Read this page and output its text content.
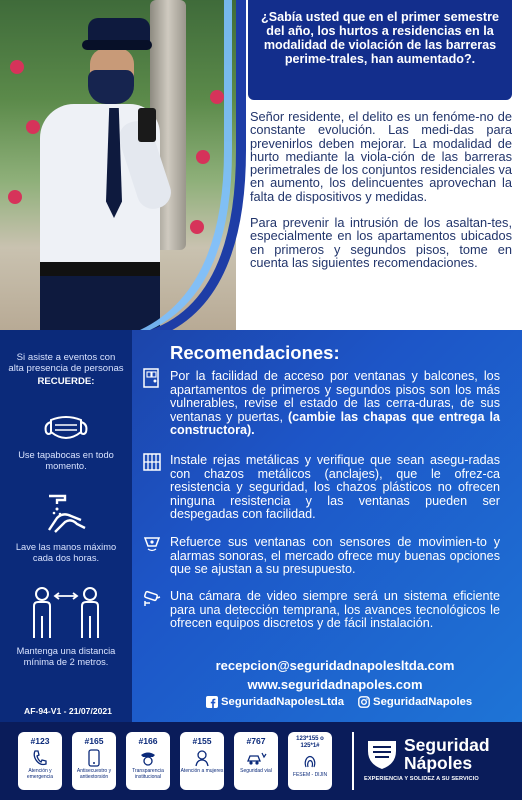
¿Sabía usted que en el primer semestre del año, los hurtos a residencias en la modalidad de violación de las barreras perime-trales, han aumentado?.

Señor residente, el delito es un fenóme-no de constante evolución. Las medi-das para prevenirlos deben mejorar. La modalidad de hurto mediante la viola-ción de las barreras perimetrales de los conjuntos residenciales va en aumento, los delincuentes aprovechan la falta de dispositivos y medidas.

Para prevenir la intrusión de los asaltan-tes, especialmente en los apartamentos ubicados en primeros y segundos pisos, tome en cuenta las siguientes recomendaciones.

Si asiste a eventos con alta presencia de personas
RECUERDE:
Use tapabocas en todo momento.
Lave las manos máximo cada dos horas.
Mantenga una distancia mínima de 2 metros.
AF-94-V1 - 21/07/2021
Recomendaciones:
Por la facilidad de acceso por ventanas y balcones, los apartamentos de primeros y segundos pisos son los más vulnerables, revise el estado de las cerra-duras, de sus ventanas y puertas, (cambie las chapas que entrega la constructora).
Instale rejas metálicas y verifique que sean asegu-radas con chazos metálicos (anclajes), que le ofrez-ca resistencia y seguridad, los chazos plásticos no ofrecen ninguna resistencia y las ventanas pueden ser despegadas con facilidad.
Refuerce sus ventanas con sensores de movimien-to y alarmas sonoras, el mercado ofrece muy buenas opciones que se ajustan a su presupuesto.
Una cámara de video siempre será un sistema eficiente para una detección temprana, los avances tecnológicos le ofrecen equipos discretos y de fácil instalación.
recepcion@seguridadnapolesltda.com
www.seguridadnapoles.com
SeguridadNapolesLtda	SeguridadNapoles
#123
Atención y emergencia
#165
Antisecuestro y antiextorsión
#166
Transparencia institucional
#155
Atención a mujeres
#767
Seguridad vial
123*155 o 125*1#
FESEM - DIJIN
Seguridad
Nápoles
EXPERIENCIA Y SOLIDEZ A SU SERVICIO
